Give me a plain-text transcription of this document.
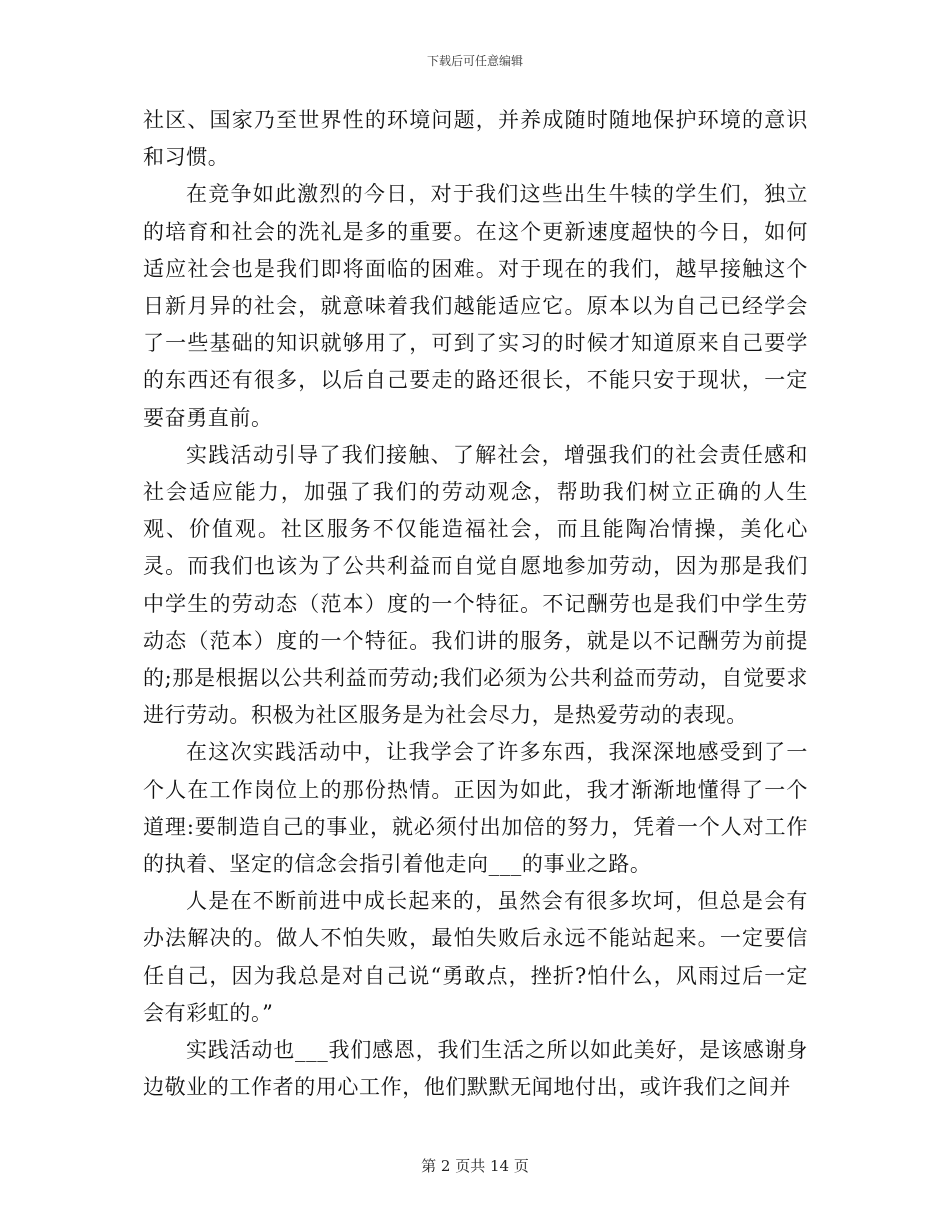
下载后可任意编辑

社区、国家乃至世界性的环境问题，并养成随时随地保护环境的意识和习惯。

在竞争如此激烈的今日，对于我们这些出生牛犊的学生们，独立的培育和社会的洗礼是多的重要。在这个更新速度超快的今日，如何适应社会也是我们即将面临的困难。对于现在的我们，越早接触这个日新月异的社会，就意味着我们越能适应它。原本以为自己已经学会了一些基础的知识就够用了，可到了实习的时候才知道原来自己要学的东西还有很多，以后自己要走的路还很长，不能只安于现状，一定要奋勇直前。

实践活动引导了我们接触、了解社会，增强我们的社会责任感和社会适应能力，加强了我们的劳动观念，帮助我们树立正确的人生观、价值观。社区服务不仅能造福社会，而且能陶冶情操，美化心灵。而我们也该为了公共利益而自觉自愿地参加劳动，因为那是我们中学生的劳动态（范本）度的一个特征。不记酬劳也是我们中学生劳动态（范本）度的一个特征。我们讲的服务，就是以不记酬劳为前提的;那是根据以公共利益而劳动;我们必须为公共利益而劳动，自觉要求进行劳动。积极为社区服务是为社会尽力，是热爱劳动的表现。

在这次实践活动中，让我学会了许多东西，我深深地感受到了一个人在工作岗位上的那份热情。正因为如此，我才渐渐地懂得了一个道理:要制造自己的事业，就必须付出加倍的努力，凭着一个人对工作的执着、坚定的信念会指引着他走向___的事业之路。

人是在不断前进中成长起来的，虽然会有很多坎坷，但总是会有办法解决的。做人不怕失败，最怕失败后永远不能站起来。一定要信任自己，因为我总是对自己说“勇敢点，挫折?怕什么，风雨过后一定会有彩虹的。”

实践活动也___我们感恩，我们生活之所以如此美好，是该感谢身边敬业的工作者的用心工作，他们默默无闻地付出，或许我们之间并

第 2 页共 14 页
